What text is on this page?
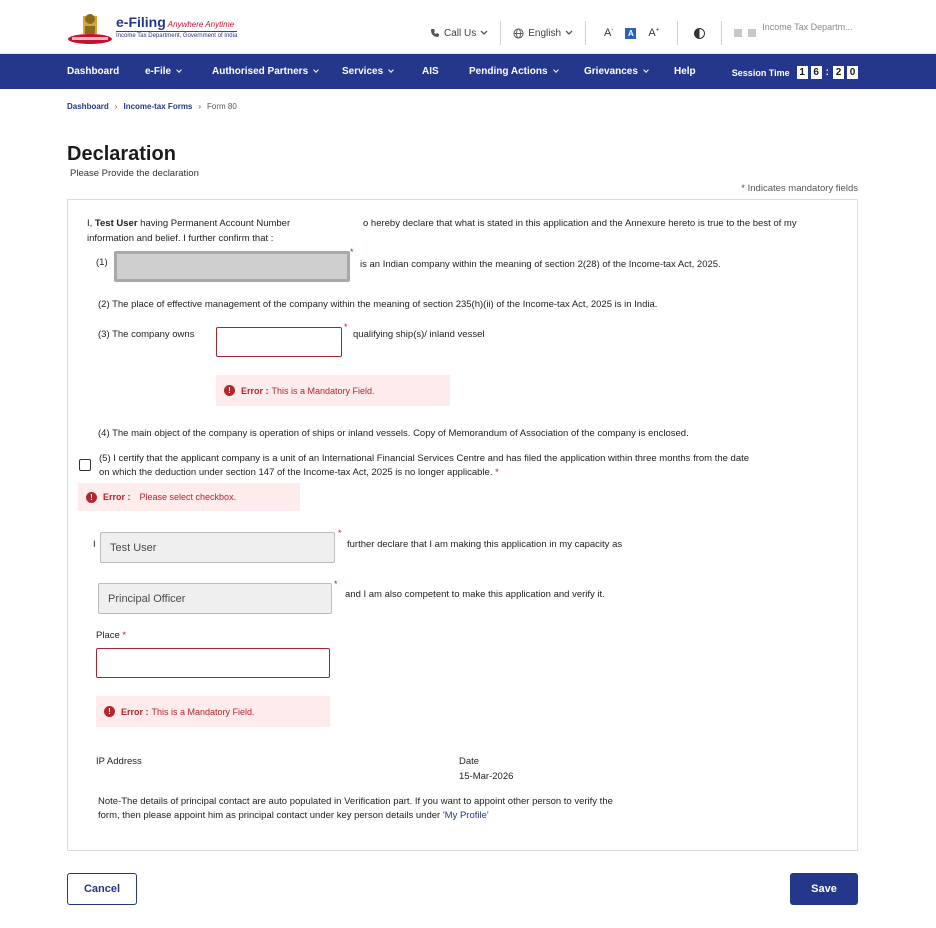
e-Filing Anywhere Anytime
Income Tax Department, Government of India	Call Us	English	A-	A A+	Income Tax Departm...
Dashboard	e-File	Authorised Partners	Services	AIS	Pending Actions	Grievances	Help	Session Time 1 6 : 2 0
Dashboard › Income-tax Forms › Form 80
Declaration
Please Provide the declaration
* Indicates mandatory fields
I, Test User having Permanent Account Number	o hereby declare that what is stated in this application and the Annexure hereto is true to the best of my
information and belief. I further confirm that :
(1)
*
is an Indian company within the meaning of section 2(28) of the Income-tax Act, 2025.
(2) The place of effective management of the company within the meaning of section 235(h)(ii) of the Income-tax Act, 2025 is in India.
(3) The company owns
*
qualifying ship(s)/ inland vessel
!	Error : This is a Mandatory Field.
(4) The main object of the company is operation of ships or inland vessels. Copy of Memorandum of Association of the company is enclosed.
(5) I certify that the applicant company is a unit of an International Financial Services Centre and has filed the application within three months from the date
on which the deduction under section 147 of the Income-tax Act, 2025 is no longer applicable. *
!	Error : Please select checkbox.
I	Test User
*
further declare that I am making this application in my capacity as
Principal Officer
*
and I am also competent to make this application and verify it.
Place *
!	Error : This is a Mandatory Field.
IP Address	Date
15-Mar-2026
Note-The details of principal contact are auto populated in Verification part. If you want to appoint other person to verify the
form, then please appoint him as principal contact under key person details under 'My Profile'
Cancel	Save
